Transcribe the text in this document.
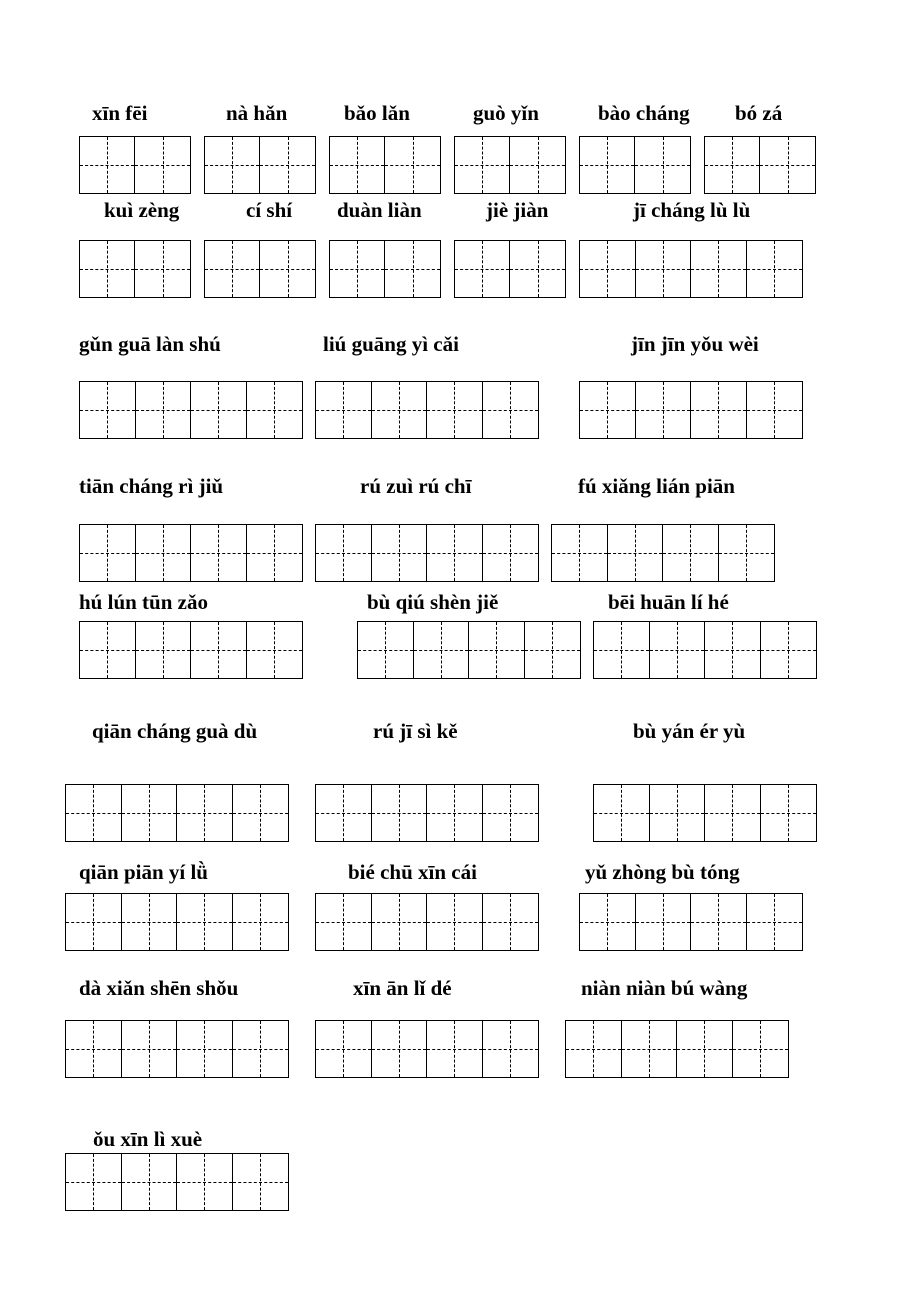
xīn fēi	nà hǎn	bǎo lǎn	guò yǐn	bào cháng bó zá
kuì zèng	cí shí duàn liàn	jiè jiàn	jī cháng lù lù
gǔn guā làn shú	liú guāng yì cǎi	jīn jīn yǒu wèi
tiān cháng rì jiǔ	rú zuì rú chī	fú xiǎng lián piān
hú lún tūn zǎo	bù qiú shèn jiě	bēi huān lí hé
qiān cháng guà dù	rú jī sì kě	bù yán ér yù
qiān piān yí lǜ	bié chū xīn cái	yǔ zhòng bù tóng
dà xiǎn shēn shǒu	xīn ān lǐ dé	niàn niàn bú wàng
ǒu xīn lì xuè
